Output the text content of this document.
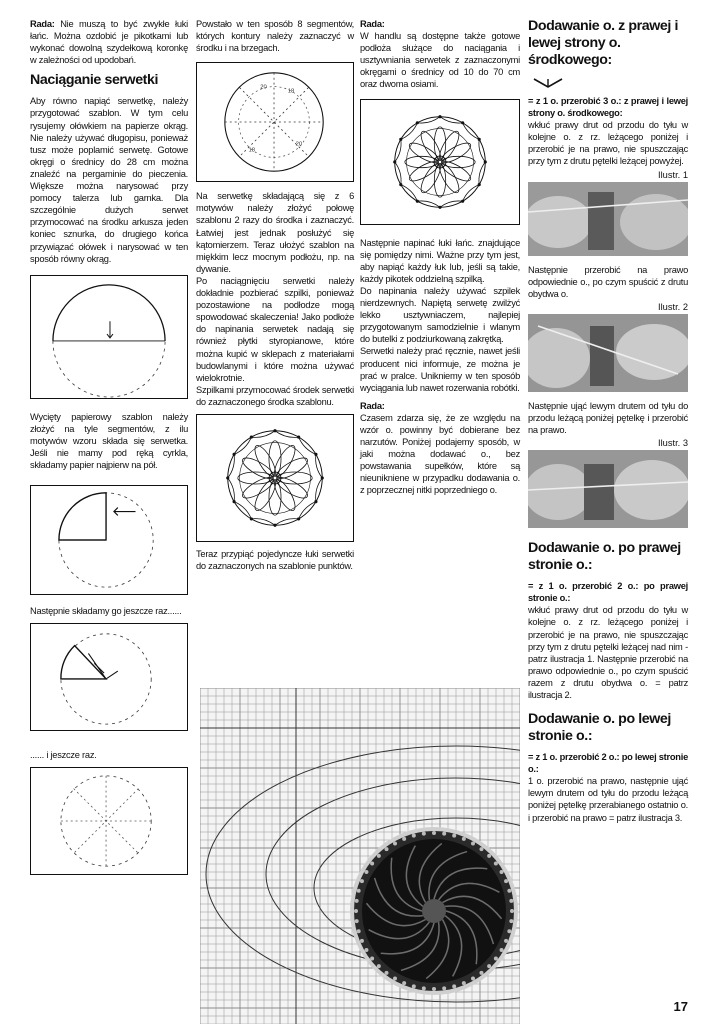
Rada: Nie muszą to być zwykłe łuki łańc. Można ozdobić je pikotkami lub wykonać dowolną szydełkową koronkę w zależności od upodobań.

Naciąganie serwetki

Aby równo napiąć serwetkę, należy przygotować szablon. W tym celu rysujemy ołówkiem na papierze okrąg. Nie należy używać długopisu, ponieważ tusz może poplamić serwetę. Gotowe okręgi o średnicy do 28 cm można znaleźć na pergaminie do pieczenia. Większe można narysować przy pomocy talerza lub garnka. Dla szczególnie dużych serwet przymocować na środku arkusza jeden koniec sznurka, do drugiego końca przywiązać ołówek i narysować w ten sposób równy okrąg.

Wycięty papierowy szablon należy złożyć na tyle segmentów, z ilu motywów wzoru składa się serwetka. Jeśli nie mamy pod ręką cyrkla, składamy papier najpierw na pół.

Następnie składamy go jeszcze raz......

...... i jeszcze raz.

Powstało w ten sposób 8 segmentów, których kontury należy zaznaczyć w środku i na brzegach.

20
18
20
18

Na serwetkę składającą się z 6 motywów należy złożyć połowę szablonu 2 razy do środka i zaznaczyć. Łatwiej jest jednak posłużyć się kątomierzem. Teraz ułożyć szablon na miękkim lecz mocnym podłożu, np. na dywanie.

Po naciągnięciu serwetki należy dokładnie pozbierać szpilki, ponieważ pozostawione na podłodze mogą spowodować skaleczenia! Jako podłoże do napinania serwetek nadają się również płytki styropianowe, które można kupić w sklepach z materiałami budowlanymi i które można używać wielokrotnie.

Szpilkami przymocować środek serwetki do zaznaczonego środka szablonu.

Teraz przypiąć pojedyncze łuki serwetki do zaznaczonych na szablonie punktów.

Rada:
W handlu są dostępne także gotowe podłoża służące do naciągania i usztywniania serwetek z zaznaczonymi okręgami o średnicy od 10 do 70 cm oraz dwoma osiami.

Następnie napinać łuki łańc. znajdujące się pomiędzy nimi. Ważne przy tym jest, aby napiąć każdy łuk lub, jeśli są takie, każdy pikotek oddzielną szpilką.

Do napinania należy używać szpilek nierdzewnych. Napiętą serwetę zwilżyć lekko usztywniaczem, najlepiej przygotowanym samodzielnie i wlanym do butelki z podziurkowaną zakrętką.

Serwetki należy prać ręcznie, nawet jeśli producent nici informuje, ze można je prać w pralce. Unikniemy w ten sposób wyciągania lub nawet rozerwania robótki.

Rada:
Czasem zdarza się, że ze względu na wzór o. powinny być dobierane bez narzutów. Poniżej podajemy sposób, w jaki można dodawać o., bez powstawania supełków, które są nieunikniene w przypadku dodawania o. z poprzecznej nitki poprzedniego o.

Dodawanie o. z prawej i lewej strony o. środkowego:

= z 1 o. przerobić 3 o.: z prawej i lewej strony o. środkowego:

wkłuć prawy drut od przodu do tyłu w kolejne o. z rz. leżącego poniżej i przerobić je na prawo, nie spuszczając przy tym z drutu pętelki leżącej powyżej.

Ilustr. 1

Następnie przerobić na prawo odpowiednie o., po czym spuścić z drutu obydwa o.

Ilustr. 2

Następnie ująć lewym drutem od tyłu do przodu leżącą poniżej pętelkę i przerobić na prawo.

Ilustr. 3

Dodawanie o. po prawej stronie o.:

= z 1 o. przerobić 2 o.: po prawej stronie o.:

wkłuć prawy drut od przodu do tyłu w kolejne o. z rz. leżącego poniżej i przerobić je na prawo, nie spuszczając przy tym z drutu pętelki leżącej nad nim - patrz ilustracja 1. Następnie przerobić na prawo odpowiednie o., po czym spuścić razem z drutu obydwa o. = patrz ilustracja 2.

Dodawanie o. po lewej stronie o.:

= z 1 o. przerobić 2 o.: po lewej stronie o.:

1 o. przerobić na prawo, następnie ująć lewym drutem od tyłu do przodu leżącą poniżej pętelkę przerabianego ostatnio o. i przerobić na prawo = patrz ilustracja 3.

17
